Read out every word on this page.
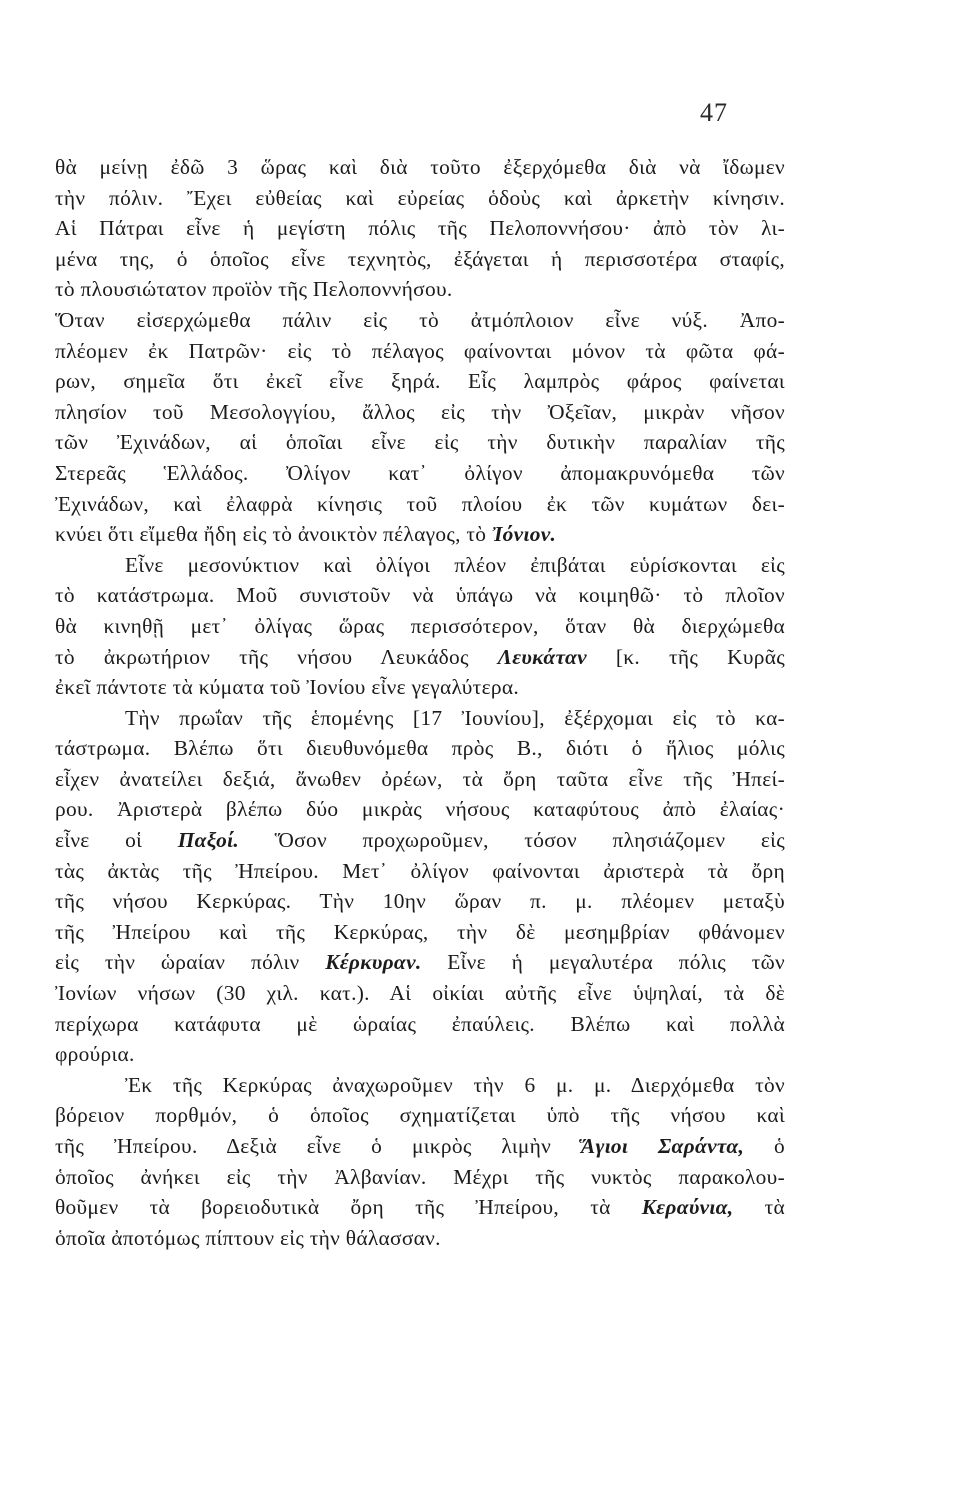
47
θὰ μείνῃ ἐδῶ 3 ὥρας καὶ διὰ τοῦτο ἐξερχόμεθα διὰ νὰ ἴδωμεν
τὴν πόλιν. Ἔχει εὐθείας καὶ εὐρείας ὁδοὺς καὶ ἀρκετὴν κίνησιν.
Αἱ Πάτραι εἶνε ἡ μεγίστη πόλις τῆς Πελοποννήσου· ἀπὸ τὸν λι-
μένα της, ὁ ὁποῖος εἶνε τεχνητὸς, ἐξάγεται ἡ περισσοτέρα σταφίς,
τὸ πλουσιώτατον προϊὸν τῆς Πελοποννήσου.
Ὅταν εἰσερχώμεθα πάλιν εἰς τὸ ἀτμόπλοιον εἶνε νύξ. Ἀπο-
πλέομεν ἐκ Πατρῶν· εἰς τὸ πέλαγος φαίνονται μόνον τὰ φῶτα φά-
ρων, σημεῖα ὅτι ἐκεῖ εἶνε ξηρά. Εἷς λαμπρὸς φάρος φαίνεται
πλησίον τοῦ Μεσολογγίου, ἄλλος εἰς τὴν Ὀξεῖαν, μικρὰν νῆσον
τῶν Ἐχινάδων, αἱ ὁποῖαι εἶνε εἰς τὴν δυτικὴν παραλίαν τῆς
Στερεᾶς Ἑλλάδος. Ὀλίγον κατ᾽ ὀλίγον ἀπομακρυνόμεθα τῶν
Ἐχινάδων, καὶ ἐλαφρὰ κίνησις τοῦ πλοίου ἐκ τῶν κυμάτων δει-
κνύει ὅτι εἴμεθα ἤδη εἰς τὸ ἀνοικτὸν πέλαγος, τὸ Ἰόνιον.
Εἶνε μεσονύκτιον καὶ ὀλίγοι πλέον ἐπιβάται εὑρίσκονται εἰς
τὸ κατάστρωμα. Μοῦ συνιστοῦν νὰ ὑπάγω νὰ κοιμηθῶ· τὸ πλοῖον
θὰ κινηθῇ μετ᾽ ὀλίγας ὥρας περισσότερον, ὅταν θὰ διερχώμεθα
τὸ ἀκρωτήριον τῆς νήσου Λευκάδος Λευκάταν [κ. τῆς Κυρᾶς
ἐκεῖ πάντοτε τὰ κύματα τοῦ Ἰονίου εἶνε γεγαλύτερα.
Τὴν πρωΐαν τῆς ἑπομένης [17 Ἰουνίου], ἐξέρχομαι εἰς τὸ κα-
τάστρωμα. Βλέπω ὅτι διευθυνόμεθα πρὸς Β., διότι ὁ ἥλιος μόλις
εἶχεν ἀνατείλει δεξιά, ἄνωθεν ὀρέων, τὰ ὄρη ταῦτα εἶνε τῆς Ἠπεί-
ρου. Ἀριστερὰ βλέπω δύο μικρὰς νήσους καταφύτους ἀπὸ ἐλαίας·
εἶνε οἱ Παξοί. Ὅσον προχωροῦμεν, τόσον πλησιάζομεν εἰς
τὰς ἀκτὰς τῆς Ἠπείρου. Μετ᾽ ὀλίγον φαίνονται ἀριστερὰ τὰ ὄρη
τῆς νήσου Κερκύρας. Τὴν 10ην ὥραν π. μ. πλέομεν μεταξὺ
τῆς Ἠπείρου καὶ τῆς Κερκύρας, τὴν δὲ μεσημβρίαν φθάνομεν
εἰς τὴν ὡραίαν πόλιν Κέρκυραν. Εἶνε ἡ μεγαλυτέρα πόλις τῶν
Ἰονίων νήσων (30 χιλ. κατ.). Αἱ οἰκίαι αὐτῆς εἶνε ὑψηλαί, τὰ δὲ
περίχωρα κατάφυτα μὲ ὡραίας ἐπαύλεις. Βλέπω καὶ πολλὰ
φρούρια.
Ἐκ τῆς Κερκύρας ἀναχωροῦμεν τὴν 6 μ. μ. Διερχόμεθα τὸν
βόρειον πορθμόν, ὁ ὁποῖος σχηματίζεται ὑπὸ τῆς νήσου καὶ
τῆς Ἠπείρου. Δεξιὰ εἶνε ὁ μικρὸς λιμὴν Ἅγιοι Σαράντα, ὁ
ὁποῖος ἀνήκει εἰς τὴν Ἀλβανίαν. Μέχρι τῆς νυκτὸς παρακολου-
θοῦμεν τὰ βορειοδυτικὰ ὄρη τῆς Ἠπείρου, τὰ Κεραύνια, τὰ
ὁποῖα ἀποτόμως πίπτουν εἰς τὴν θάλασσαν.
